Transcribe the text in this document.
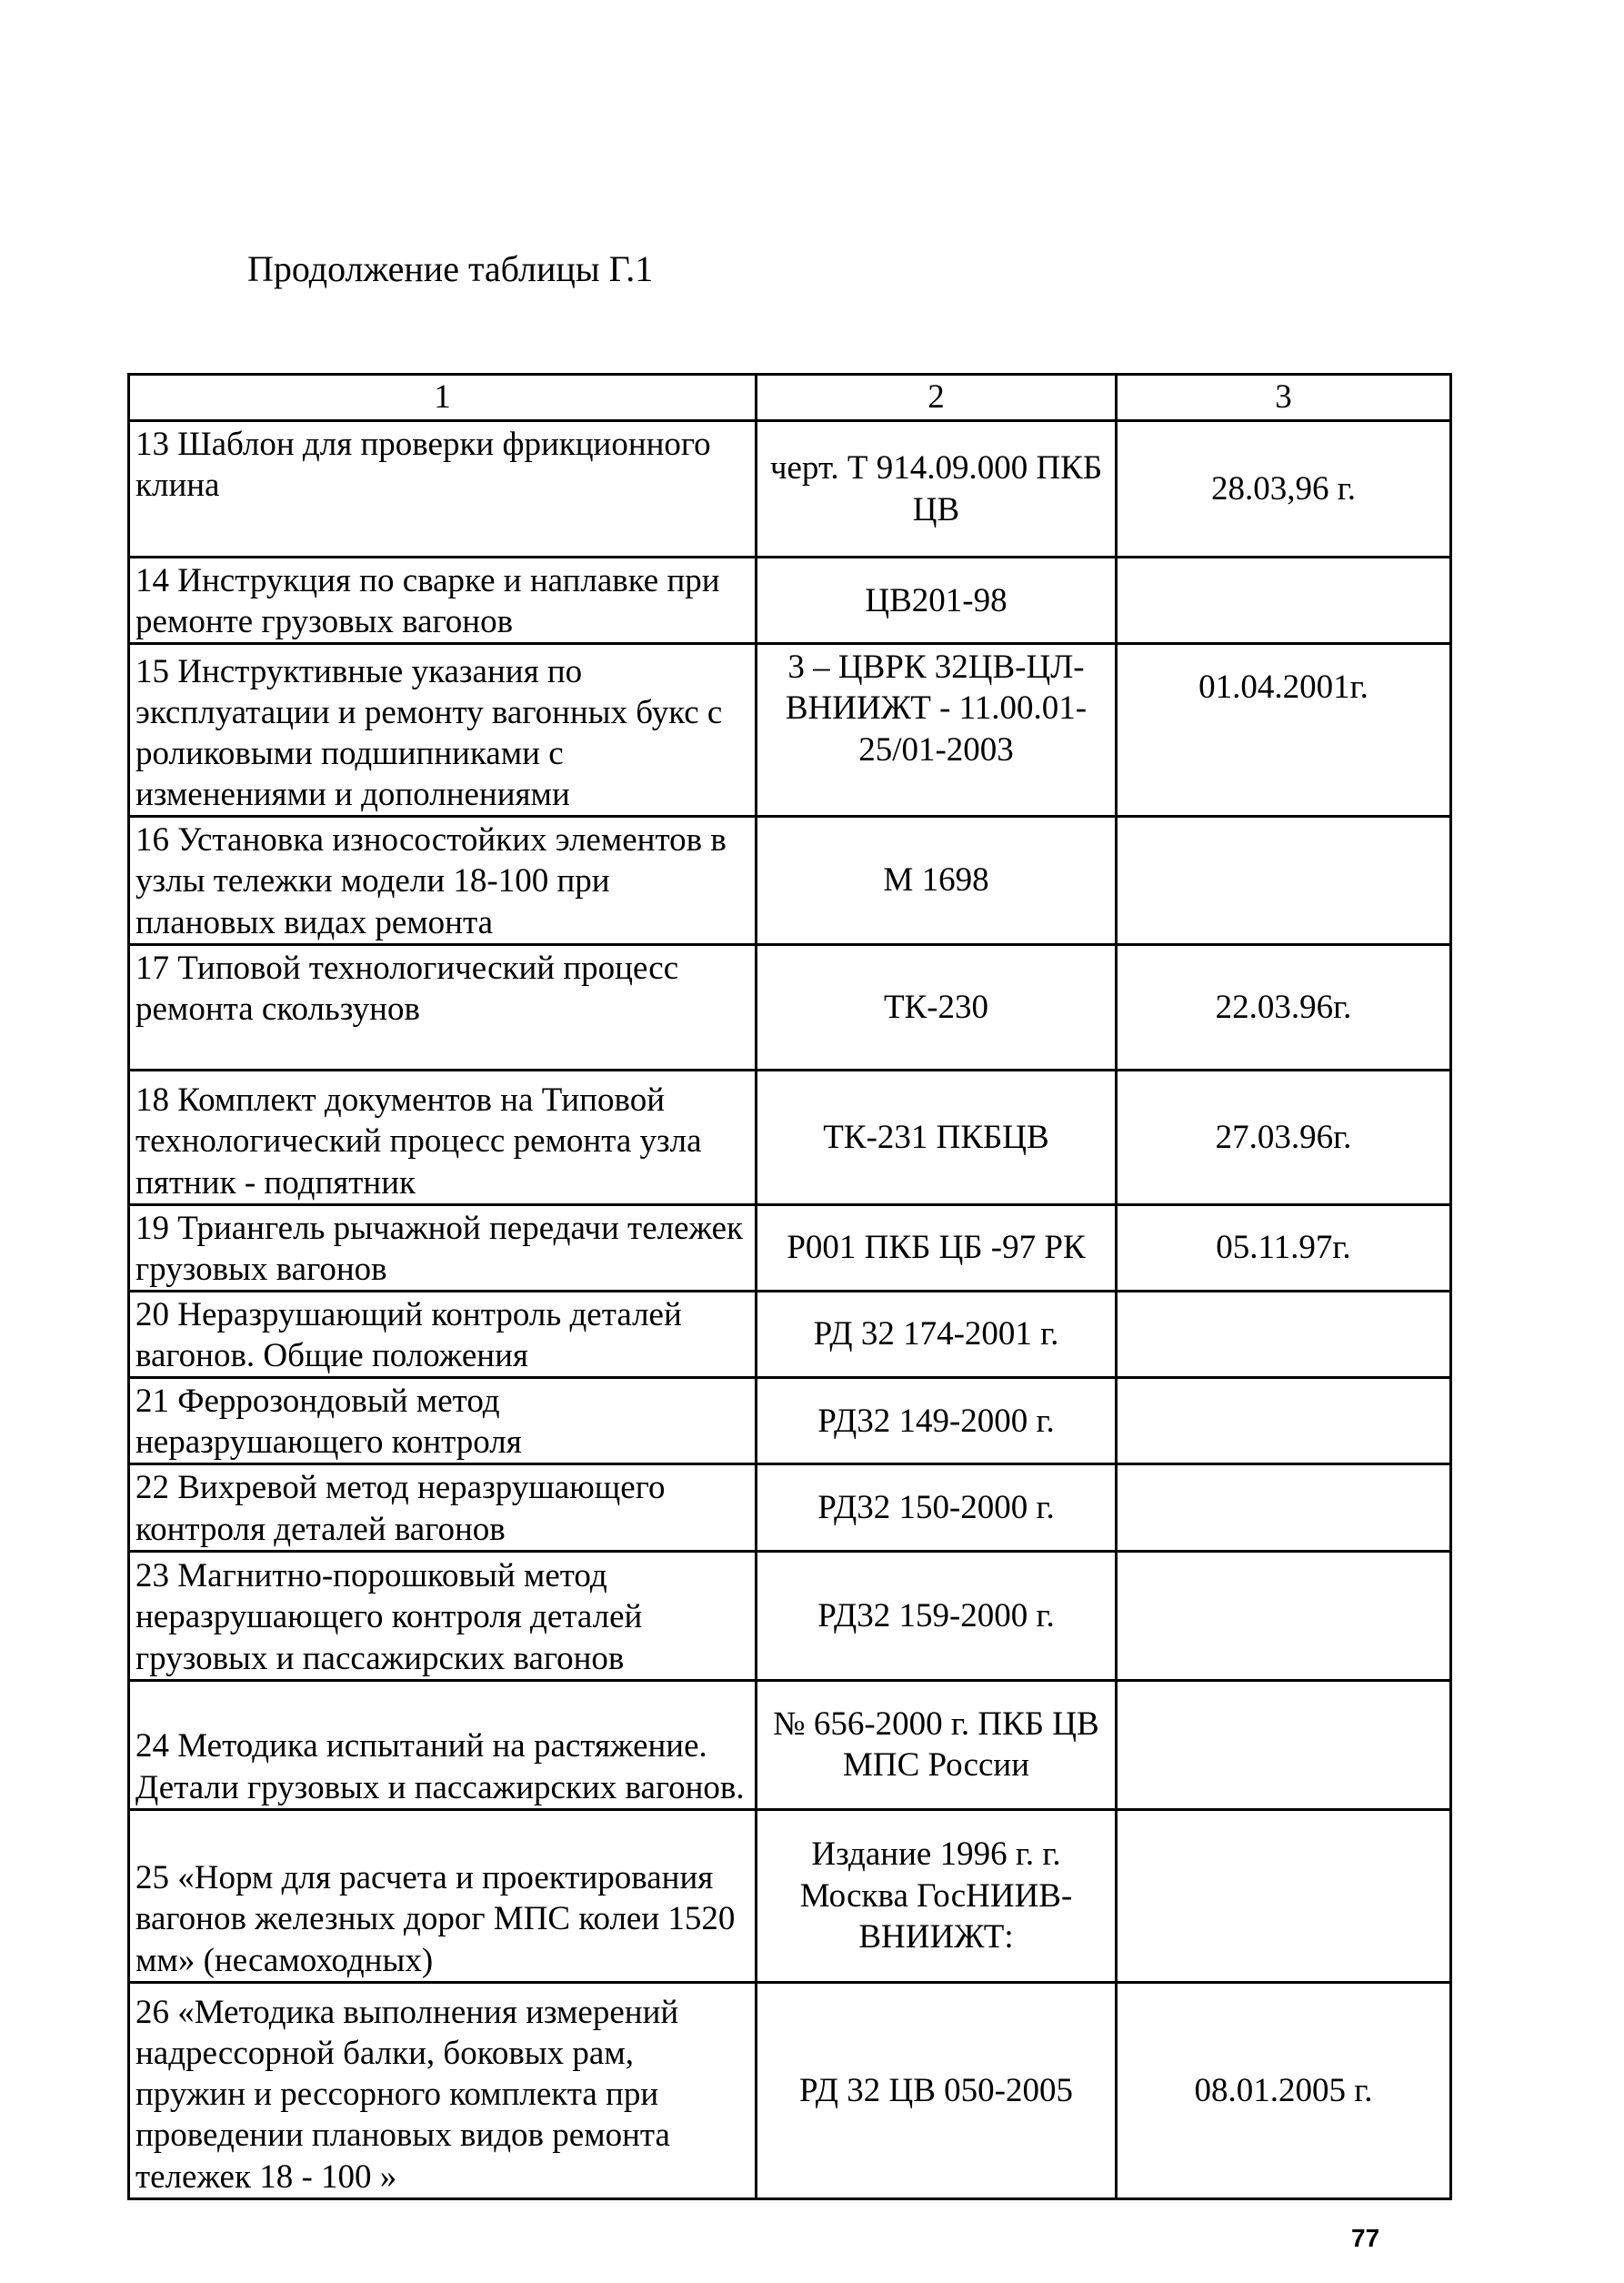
Продолжение таблицы Г.1
1	2	3
13 Шаблон для проверки фрикционного клина	черт. Т 914.09.000 ПКБ ЦВ	28.03,96 г.
14 Инструкция по сварке и наплавке при ремонте грузовых вагонов	ЦВ201-98	
15 Инструктивные указания по эксплуатации и ремонту вагонных букс с роликовыми подшипниками с изменениями и дополнениями	3 – ЦВРК 32ЦВ-ЦЛ-ВНИИЖТ - 11.00.01-25/01-2003	01.04.2001г.
16 Установка износостойких элементов в узлы тележки модели 18-100 при плановых видах ремонта	М 1698	
17 Типовой технологический процесс ремонта скользунов	ТК-230	22.03.96г.
18 Комплект документов на Типовой технологический процесс ремонта узла пятник - подпятник	ТК-231 ПКБЦВ	27.03.96г.
19 Триангель рычажной передачи тележек грузовых вагонов	Р001 ПКБ ЦБ -97 РК	05.11.97г.
20 Неразрушающий контроль деталей вагонов. Общие положения	РД 32 174-2001 г.	
21 Феррозондовый метод неразрушающего контроля	РД32 149-2000 г.	
22 Вихревой метод неразрушающего контроля деталей вагонов	РД32 150-2000 г.	
23 Магнитно-порошковый метод неразрушающего контроля деталей грузовых и пассажирских вагонов	РД32 159-2000 г.	
24 Методика испытаний на растяжение. Детали грузовых и пассажирских вагонов.	№ 656-2000 г. ПКБ ЦВ МПС России	
25 «Норм для расчета и проектирования вагонов железных дорог МПС колеи 1520 мм» (несамоходных)	Издание 1996 г. г. Москва ГосНИИВ-ВНИИЖТ:	
26 «Методика выполнения измерений надрессорной балки, боковых рам, пружин и рессорного комплекта при проведении плановых видов ремонта тележек 18 - 100 »	РД 32 ЦВ 050-2005	08.01.2005 г.
77
